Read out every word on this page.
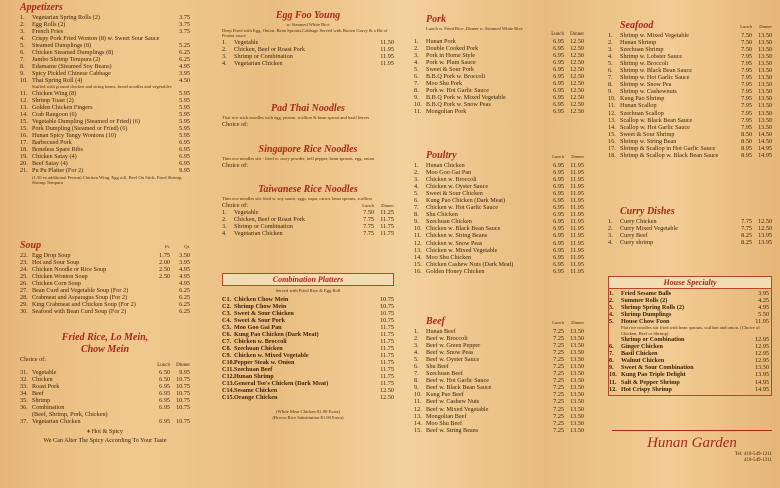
Appetizers
1.	Vegetarian Spring Rolls (2)	3.75
2.	Egg Rolls (2)	3.75
3.	French Fries	3.75
4.	Crispy Pork Fried Wonton (8) w. Sweet Sour Sauce
5.	Steamed Dumplings (8)	5.25
6.	Chicken Steamed Dumplings (8)	6.25
7.	Jumbo Shrimp Tempura (2)	6.25
8.	Edamame (Steamed Soy Beans)	4.95
9.	Spicy Pickled Chinese Cabbage	3.95
10. Thai Spring Roll (4)	4.50
Stuffed with ground chicken and string beans, bread noodles and vegetables
11. Chicken Wing (8)	5.95
12. Shrimp Toast (2)	5.95
13. Golden Chicken Fingers	5.95
14. Crab Rangoon (6)	5.95
15. Vegetable Dumpling (Steamed or Fried) (6)	5.95
15. Pork Dumpling (Steamed or Fried) (6)	5.95
16. Hunan Spicy Tangy Wontons (10)	5.95
17. Barbecued Pork	6.95
18. Boneless Spare Ribs	6.95
19. Chicken Satay (4)	6.95
20. Beef Satay (4)	6.95
21. Pu Pu Platter (For 2)	9.95
(1.50 ea additional Person) Chicken Wing, Egg roll, Beef On Stick, Fried Shrimp, Shrimp Tempura
Soup	Pt.	Qt.
22. Egg Drop Soup	1.75	3.50
23. Hot and Sour Soup	2.00	3.95
24. Chicken Noodle or Rice Soup	2.50	4.95
25. Chicken Wonton Soup	2.50	4.95
26. Chicken Corn Soup	4.95
27. Bean Curd and Vegetable Soup (For 2)	6.25
28. Crabmeat and Asparagus Soup (For 2)	6.25
29. King Crabmeat and Chicken Soup (For 2)	6.25
30. Seafood with Bean Curd Soup (For 2)	6.25
Fried Rice, Lo Mein,
Chow Mein
Choice of:
Lunch	Dinner
31. Vegetable	6.50	9.95
32. Chicken	6.50 10.75
33. Roast Pork	6.95 10.75
34. Beef	6.95 10.75
35. Shrimp	6.95 10.75
36. Combination	6.95 10.75
(Beef, Shrimp, Pork, Chicken)
37. Vegetarian Chicken	6.95 10.75
♦ Hot & Spicy
We Can Alter The Spicy According To Your Taste
Egg Foo Young
w. Steamed White Rice
Deep Fried with Egg, Onion, Bean Sprouts,Cabbage Served with Brown Gravy & a Bit of Peanut sauce
1.	Vegetable	11.50
2.	Chicken, Beef or Roast Pork	11.95
3.	Shrimp or Combination	11.95
4.	Vegetarian Chicken	11.95
Pad Thai Noodles
Thai rice stick noodles with egg, peanut, scallion & bean sprout and basil leaves
Choice of:
Singapore Rice Noodles
Thin rice noodles stir - fried w. curry powder, bell pepper, bean sprouts, egg, onion
Choice of:
Taiwanese Rice Noodles
Thin rice noodles stir fried w. soy sauce, eggs, napa, carrot, bean sprouts, scallion
Choice of:	Lunch	Dinner
1.	Vegetable	7.50	11.25
2.	Chicken, Beef or Roast Pork	7.75	11.75
3.	Shrimp or Combination	7.75	11.75
4.	Vegetarian Chicken	7.75	11.75
Combination Platters
Served with Fried Rice & Egg Roll
C1. Chicken Chow Mein	10.75
C2. Shrimp Chow Mein	10.75
C3. Sweet & Sour Chicken	10.75
C4. Sweet & Sour Pork	10.75
C5. Moo Goo Gai Pan	11.75
C6. Kung Pao Chicken (Dark Meat)	11.75
C7. Chicken w. Broccoli	11.75
C8. Szechuan Chicken	11.75
C9. Chicken w. Mixed Vegetable	11.75
C10. Pepper Steak w. Onion	11.75
C11. Szechuan Beef	11.75
C12. Hunan Shrimp	11.75
C13. General Tso's Chicken (Dark Meat)	11.75
C14. Sesame Chicken	12.50
C15. Orange Chicken	12.50
(White Meat Chicken $1.00 Extra)
(Brown Rice Substitution $1.00 Extra)
Pork
Lunch w. Fried Rice, Dinner w. Steamed White Rice
Lunch	Dinner
1.	Hunan Pork	6.95 12.50
2.	Double Cooked Pork	6.95 12.50
3.	Pork in Home Style	6.95 12.50
4.	Pork w. Plum Sauce	6.95 12.50
5.	Sweet & Sour Pork	6.95 12.50
6.	B.B.Q Pork w. Broccoli	6.95 12.50
7.	Moo Shu Pork	6.95 12.50
8.	Pork w. Hot Garlic Sauce	6.95 12.50
9.	B.B.Q Pork w. Mixed Vegetable	6.95 12.50
10. B.B.Q Pork w. Snow Peas	6.95 12.50
11. Mongolian Pork	6.95 12.50
Poultry	Lunch	Dinner
1.	Hunan Chicken	6.95	11.95
2.	Moo Goo Gai Pan	6.95	11.95
3.	Chicken w. Broccoli	6.95	11.95
4.	Chicken w. Oyster Sauce	6.95	11.95
5.	Sweet & Sour Chicken	6.95	11.95
6.	Kung Pao Chicken (Dark Meat)	6.95	11.95
7.	Chicken w. Hot Garlic Sauce	6.95	11.95
8.	Shu Chicken	6.95	11.95
9.	Szechuan Chicken	6.95	11.95
10. Chicken w. Black Bean Sauce	6.95	11.95
11. Chicken w. String Beans	6.95	11.95
12. Chicken w. Snow Peas	6.95	11.95
13. Chicken w. Mixed Vegetable	6.95	11.95
14. Moo Shu Chicken	6.95	11.95
15. Chicken Cashew Nuts (Dark Meat)	6.95	11.95
16. Golden Honey Chicken	6.95	11.95
Beef	Lunch	Dinner
1.	Hunan Beef	7.25 13.50
2.	Beef w. Broccoli	7.25 13.50
3.	Beef w. Green Pepper	7.25 13.50
4.	Beef w. Snow Peas	7.25 13.50
5.	Beef w. Oyster Sauce	7.25 13.50
6.	Shu Beef	7.25 13.50
7.	Szechuan Beef	7.25 13.50
8.	Beef w. Hot Garlic Sauce	7.25 13.50
9.	Beef w. Black Bean Sauce	7.25 13.50
10. Kung Pao Beef	7.25 13.50
11. Beef w. Cashew Nuts	7.25 13.50
12. Beef w. Mixed Vegetable	7.25 13.50
13. Mongolian Beef	7.25 13.50
14. Moo Shu Beef	7.25 13.50
15. Beef w. String Beans	7.25 13.50
Seafood	Lunch	Dinner
1.	Shrimp w. Mixed Vegetable	7.50 13.50
2.	Hunan Shrimp	7.50 13.50
3.	Szechuan Shrimp	7.50 13.50
4.	Shrimp w. Lobster Sauce	7.95 13.50
5.	Shrimp w. Broccoli	7.95 13.50
6.	Shrimp w. Black Bean Sauce	7.95 13.50
7.	Shrimp w. Hot Garlic Sauce	7.95 13.50
8.	Shrimp w. Snow Pea	7.95 13.50
9.	Shrimp w. Cashewnuts	7.95 13.50
10. Kung Pao Shrimp	7.95 13.50
11. Hunan Scallop	7.95 13.50
12. Szechuan Scallop	7.95 13.50
13. Scallop w. Black Bean Sauce	7.95 13.50
14. Scallop w. Hot Garlic Sauce	7.95 13.50
15. Sweet & Sour Shrimp	8.50 14.50
16. Shrimp w. String Bean	8.50 14.50
17. Shrimp & Scallop in Hot Garlic Sauce	8.95 14.95
18. Shrimp & Scallop w. Black Bean Sauce	8.95 14.95
Curry Dishes
1.	Curry Chicken	7.75 12.50
2.	Curry Mixed Vegetable	7.75 12.50
3.	Curry Beef	8.25 13.95
4.	Curry shrimp	8.25 13.95
House Specialty
1.	Fried Sesame Balls	3.95
2.	Summer Rolls (2)	4.25
3.	Shrimp Spring Rolls (2)	4.95
4.	Shrimp Dumplings	5.50
5.	House Chow Foon	11.95
Flat rice noodles stir fried with bean sprouts, scallion and onion. (Choice of Chicken, Beef or Shrimp)
Shrimp or Combination	12.95
6.	Ginger Chicken	12.95
7.	Basil Chicken	12.95
8.	Walnut Chicken	12.95
9.	Sweet & Sour Combination	13.50
10. Kung Pao Triple Delight	13.95
11. Salt & Pepper Shrimp	14.95
12. Hot Crispy Shrimp	14.95
Hunan Garden
Tel: 410-549-1211
410-549-1311
